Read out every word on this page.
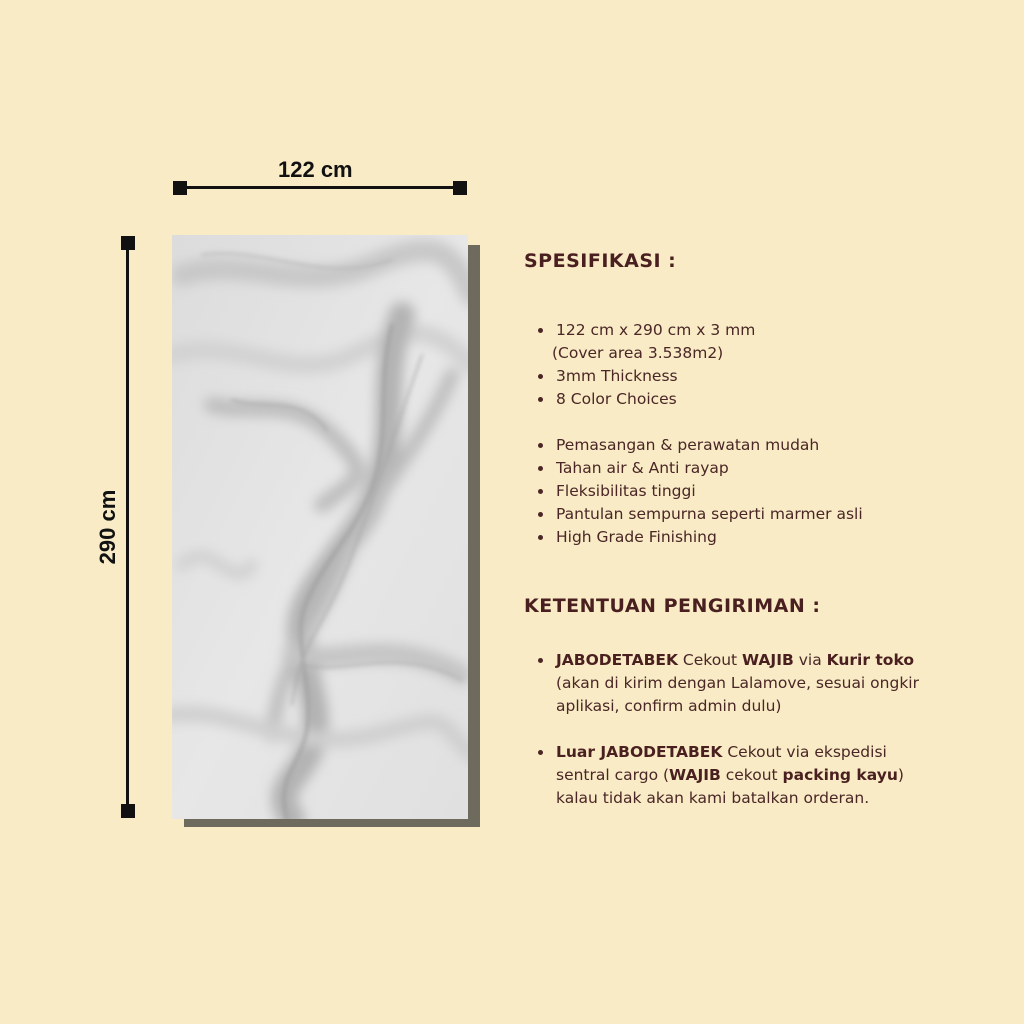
122 cm
290 cm
SPESIFIKASI :
122 cm x 290 cm x 3 mm
(Cover area 3.538m2)
3mm Thickness
8 Color Choices
Pemasangan & perawatan mudah
Tahan air & Anti rayap
Fleksibilitas tinggi
Pantulan sempurna seperti marmer asli
High Grade Finishing
KETENTUAN PENGIRIMAN :
JABODETABEK Cekout WAJIB via Kurir toko (akan di kirim dengan Lalamove, sesuai ongkir aplikasi, confirm admin dulu)
Luar JABODETABEK Cekout via ekspedisi sentral cargo (WAJIB cekout packing kayu) kalau tidak akan kami batalkan orderan.
